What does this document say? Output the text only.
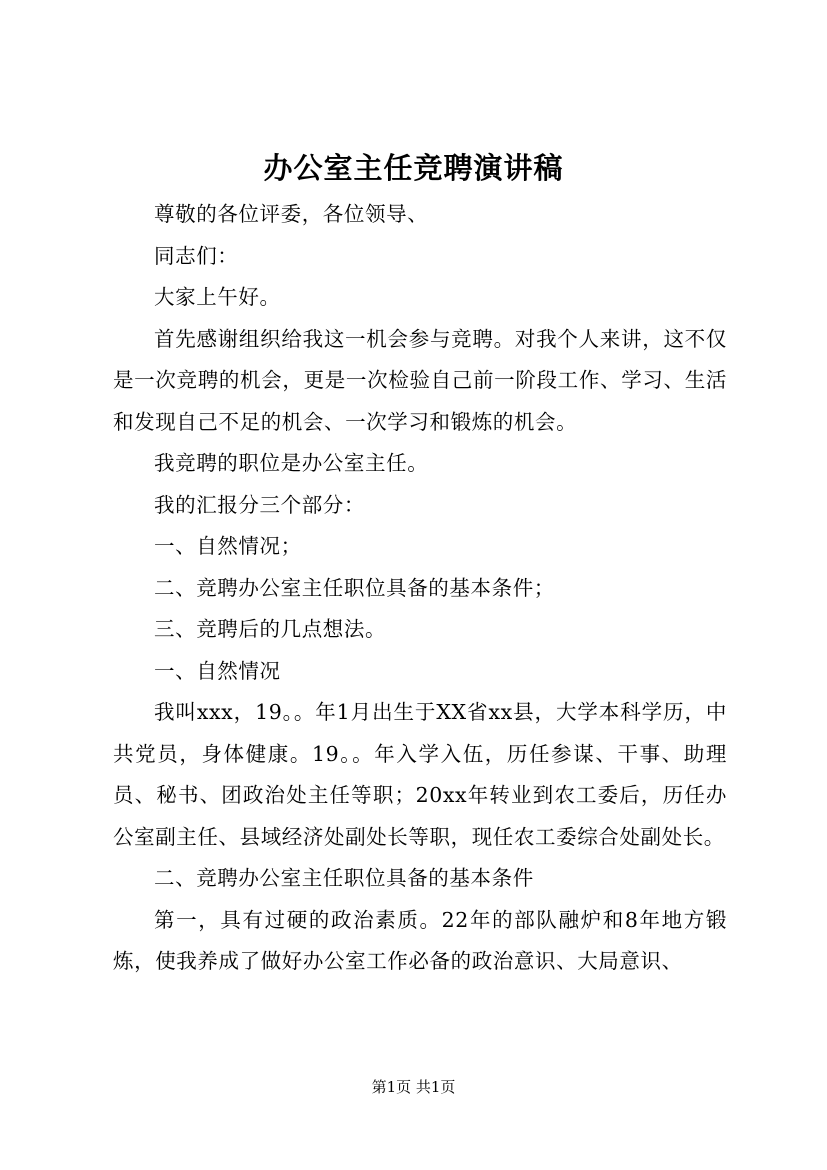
办公室主任竞聘演讲稿

尊敬的各位评委，各位领导、

同志们：

大家上午好。

首先感谢组织给我这一机会参与竞聘。对我个人来讲，这不仅是一次竞聘的机会，更是一次检验自己前一阶段工作、学习、生活和发现自己不足的机会、一次学习和锻炼的机会。

我竞聘的职位是办公室主任。

我的汇报分三个部分：

一、自然情况；

二、竞聘办公室主任职位具备的基本条件；

三、竞聘后的几点想法。

一、自然情况

我叫xxx，19。。年1月出生于XX省xx县，大学本科学历，中共党员，身体健康。19。。年入学入伍，历任参谋、干事、助理员、秘书、团政治处主任等职；20xx年转业到农工委后，历任办公室副主任、县域经济处副处长等职，现任农工委综合处副处长。

二、竞聘办公室主任职位具备的基本条件

第一，具有过硬的政治素质。22年的部队融炉和8年地方锻炼，使我养成了做好办公室工作必备的政治意识、大局意识、

第1页 共1页
